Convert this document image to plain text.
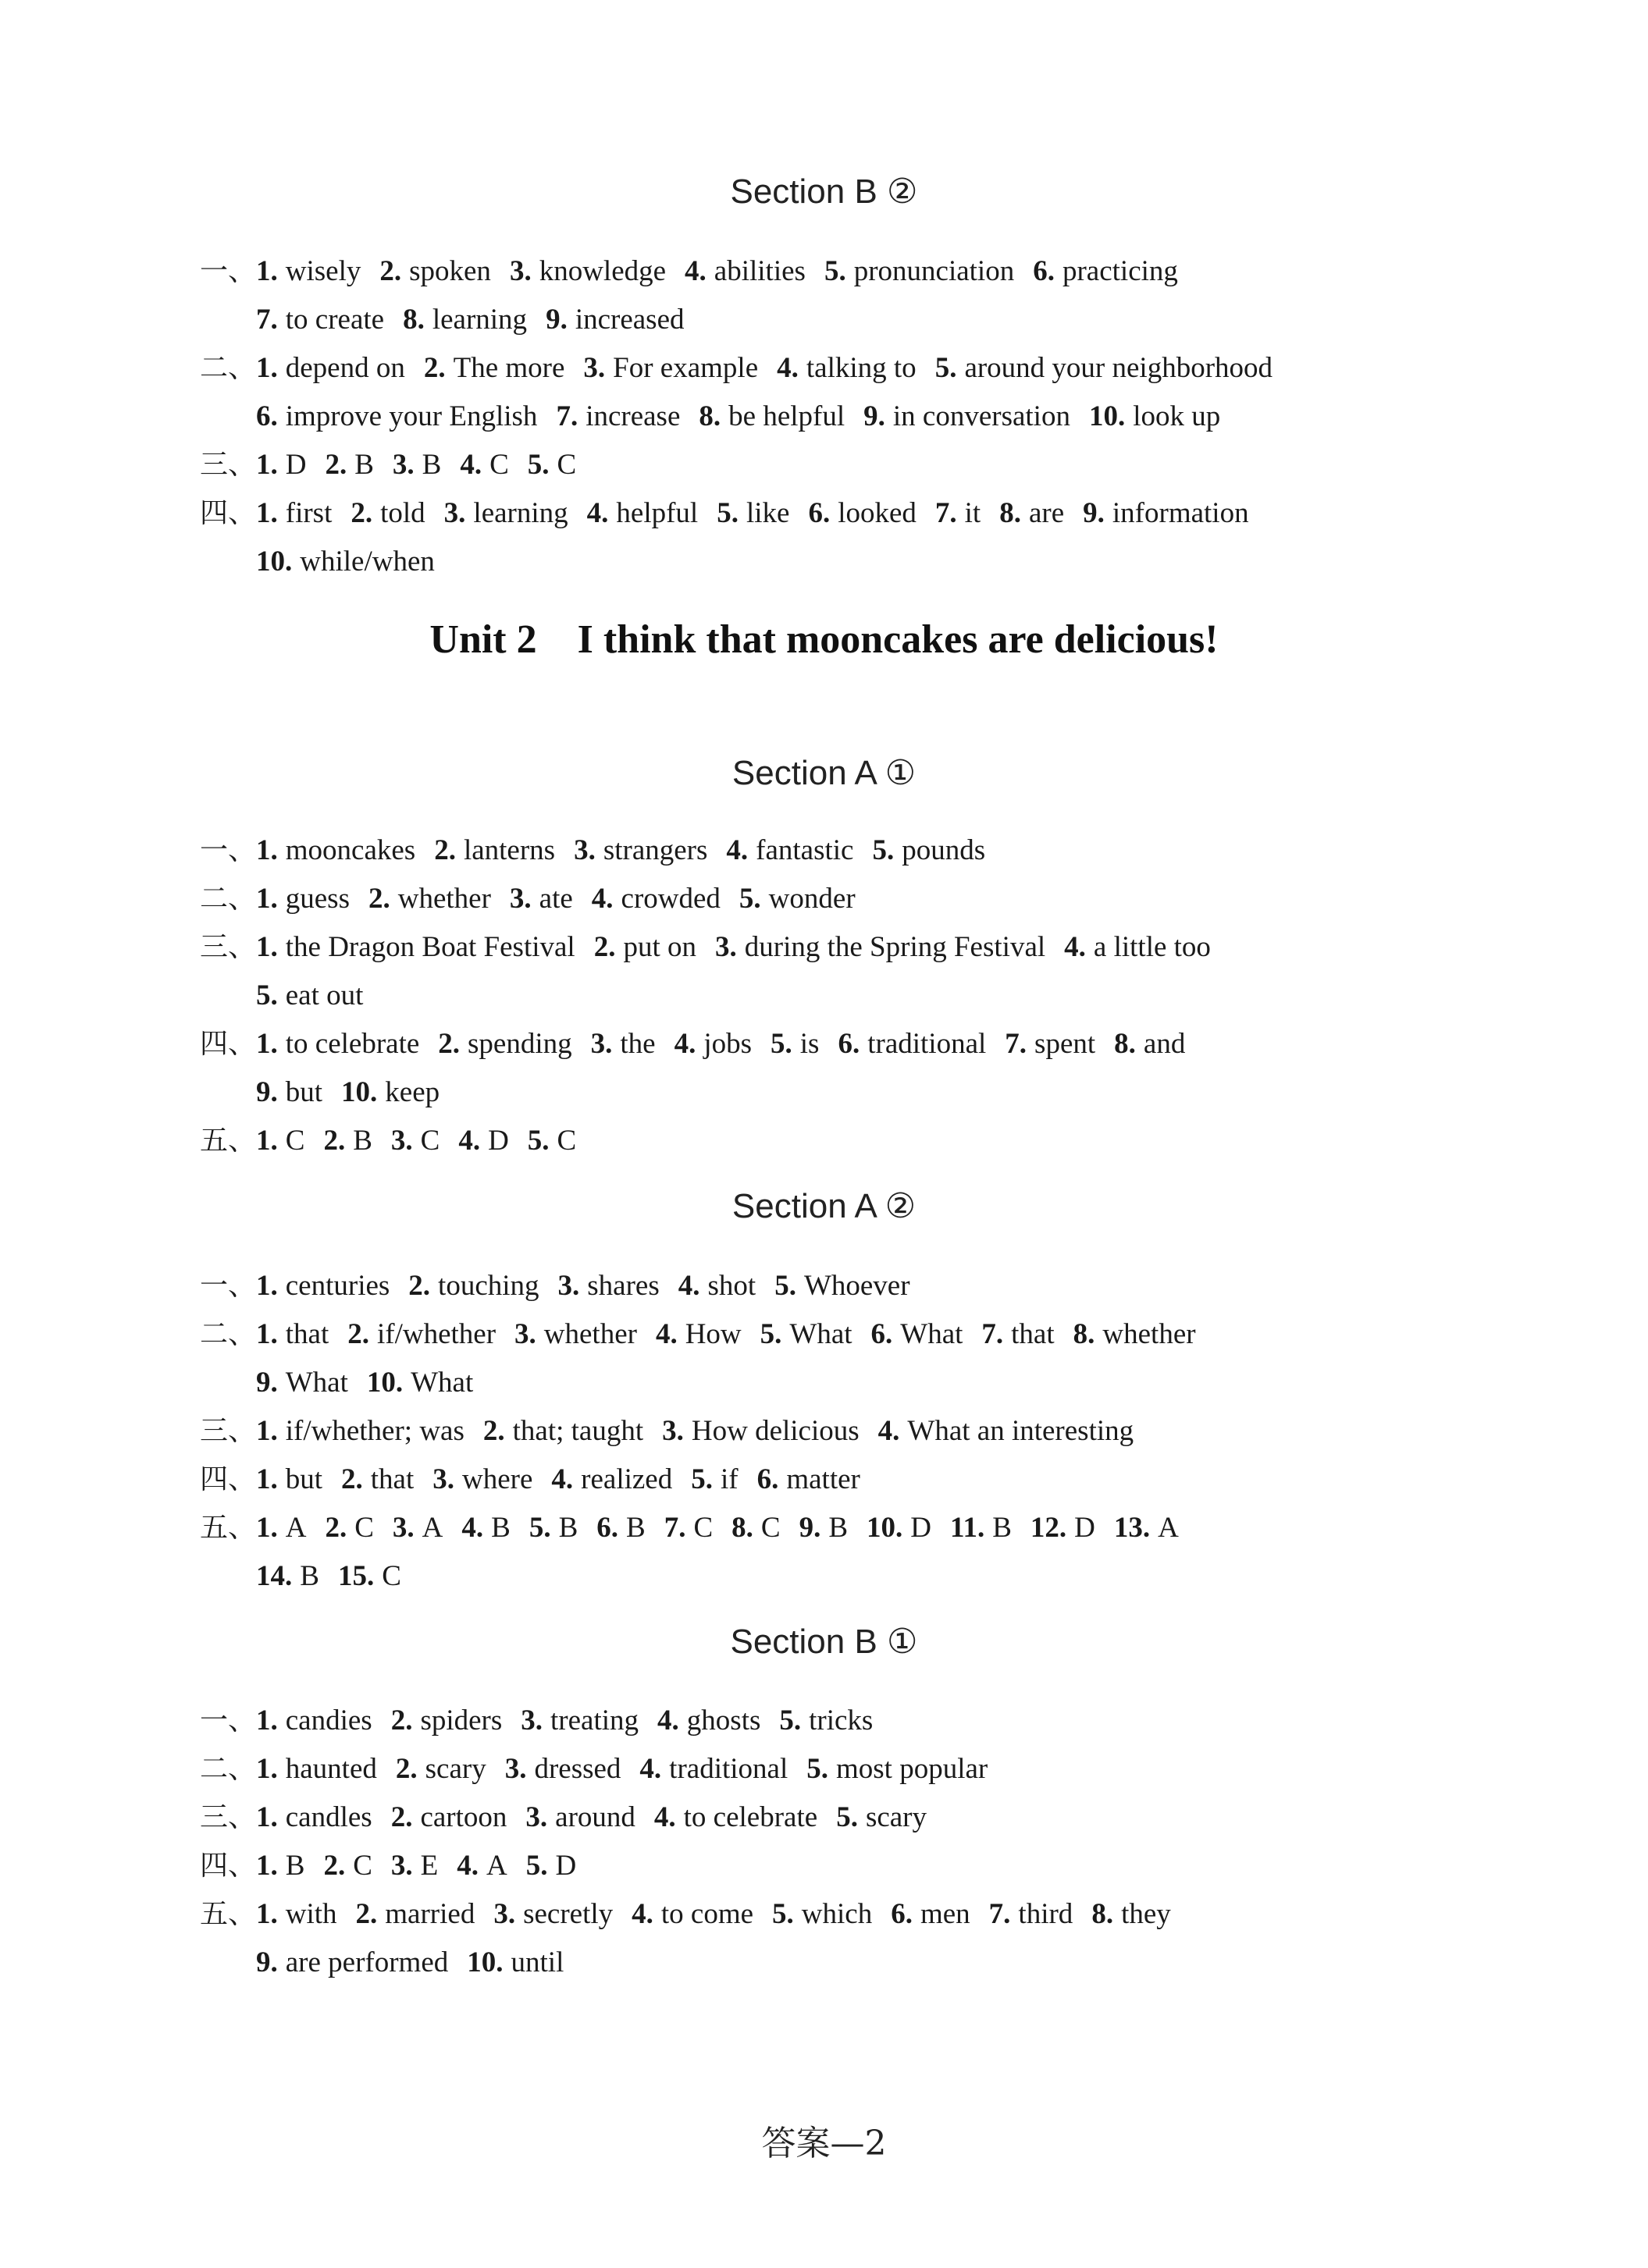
Section B ②
一、1. wisely 2. spoken 3. knowledge 4. abilities 5. pronunciation 6. practicing
7. to create 8. learning 9. increased
二、1. depend on 2. The more 3. For example 4. talking to 5. around your neighborhood
6. improve your English 7. increase 8. be helpful 9. in conversation 10. look up
三、1. D 2. B 3. B 4. C 5. C
四、1. first 2. told 3. learning 4. helpful 5. like 6. looked 7. it 8. are 9. information
10. while/when
Unit 2    I think that mooncakes are delicious!
Section A ①
一、1. mooncakes 2. lanterns 3. strangers 4. fantastic 5. pounds
二、1. guess 2. whether 3. ate 4. crowded 5. wonder
三、1. the Dragon Boat Festival 2. put on 3. during the Spring Festival 4. a little too
5. eat out
四、1. to celebrate 2. spending 3. the 4. jobs 5. is 6. traditional 7. spent 8. and
9. but 10. keep
五、1. C 2. B 3. C 4. D 5. C
Section A ②
一、1. centuries 2. touching 3. shares 4. shot 5. Whoever
二、1. that 2. if/whether 3. whether 4. How 5. What 6. What 7. that 8. whether
9. What 10. What
三、1. if/whether; was 2. that; taught 3. How delicious 4. What an interesting
四、1. but 2. that 3. where 4. realized 5. if 6. matter
五、1. A 2. C 3. A 4. B 5. B 6. B 7. C 8. C 9. B 10. D 11. B 12. D 13. A
14. B 15. C
Section B ①
一、1. candies 2. spiders 3. treating 4. ghosts 5. tricks
二、1. haunted 2. scary 3. dressed 4. traditional 5. most popular
三、1. candles 2. cartoon 3. around 4. to celebrate 5. scary
四、1. B 2. C 3. E 4. A 5. D
五、1. with 2. married 3. secretly 4. to come 5. which 6. men 7. third 8. they
9. are performed 10. until
答案—2
